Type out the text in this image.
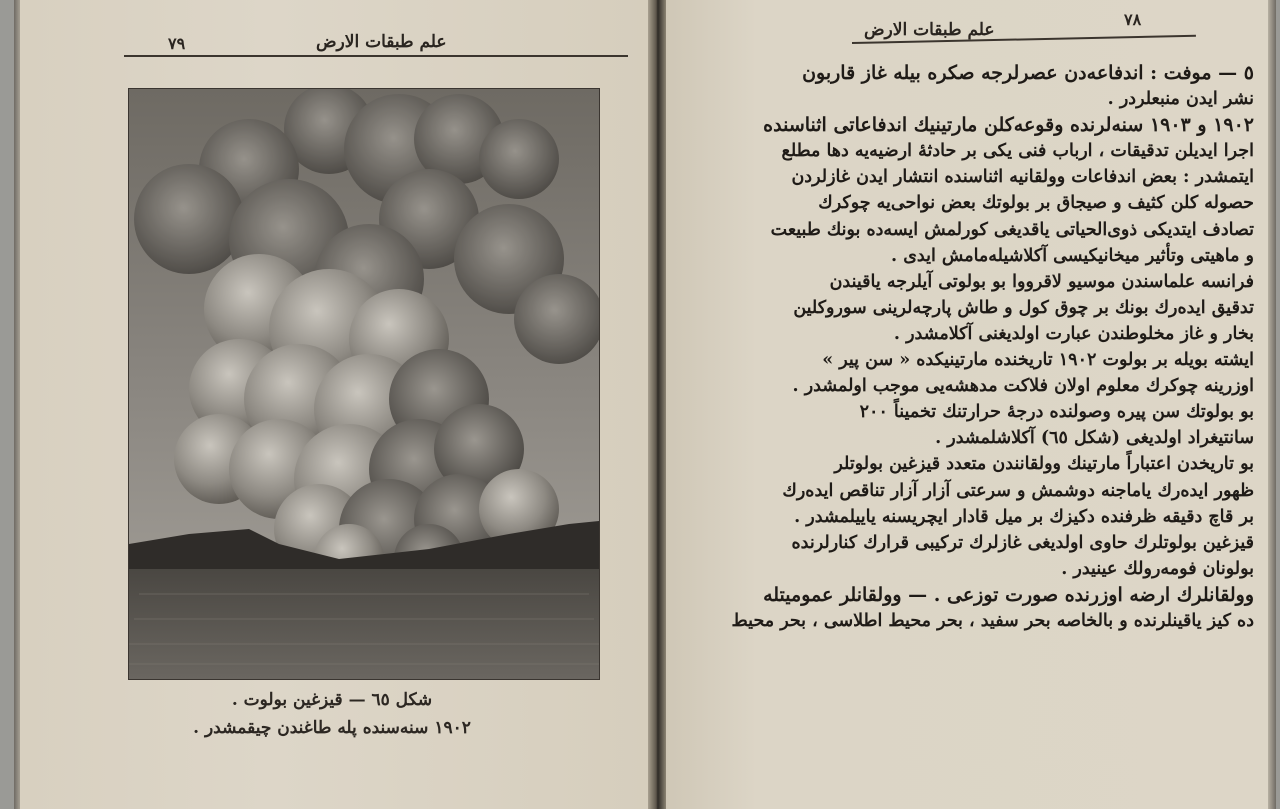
٧٩	علم طبقات الارض
شكل ٦٥ — قيزغين بولوت .
١٩٠٢ سنه‌سنده پله طاغندن چیقمشدر .
علم طبقات الارض
٧٨

٥ — موفت : اندفاعه‌دن عصرلرجه صکره بیله غاز قاربون

نشر ایدن منبعلردر .

١٩٠٢ و ١٩٠٣ سنه‌لرنده وقوعه‌کلن مارتینیك اندفاعاتی اثناسنده

اجرا ایدیلن تدقیقات ، ارباب فنی یکی بر حادثهٔ ارضیه‌یه دها مطلع

ایتمشدر : بعض اندفاعات وولقانیه اثناسنده انتشار ایدن غازلردن

حصوله کلن کثیف و صیجاق بر بولوتك بعض نواحی‌یه چوکرك

تصادف ایتدیکی ذوی‌الحیاتی یاقدیغی کورلمش ایسه‌ده بونك طبیعت

و ماهیتی وتأثیر میخانیکیسی آکلاشیله‌مامش ایدی .

فرانسه علماسندن موسیو لاقرووا بو بولوتی آیلرجه یاقیندن

تدقیق ایده‌رك بونك بر چوق کول و طاش پارچه‌لرینی سوروکلین

بخار و غاز مخلوطندن عبارت اولدیغنی آکلامشدر .

ایشته بویله بر بولوت ١٩٠٢ تاریخنده مارتینیکده « سن پیر »

اوزرینه چوکرك معلوم اولان فلاکت مدهشه‌یی موجب اولمشدر .

بو بولوتك سن پیره وصولنده درجهٔ حرارتنك تخمیناً ٢٠٠

سانتیغراد اولدیغی (شکل ٦٥) آکلاشلمشدر .

بو تاریخدن اعتباراً مارتینك وولقانندن متعدد قیزغین بولوتلر

ظهور ایده‌رك یاماجنه دوشمش و سرعتی آزار آزار تناقص ایده‌رك

بر قاچ دقیقه ظرفنده دکیزك بر میل قادار ایچریسنه یاییلمشدر .

قیزغین بولوتلرك حاوی اولدیغی غازلرك ترکیبی قرارك کنارلرنده

بولونان فومه‌رولك عینیدر .

وولقانلرك ارضه اوزرنده صورت توزعی . — وولقانلر عموميتله

ده کیز یاقینلرنده و بالخاصه بحر سفید ، بحر محیط اطلاسی ، بحر محیط
